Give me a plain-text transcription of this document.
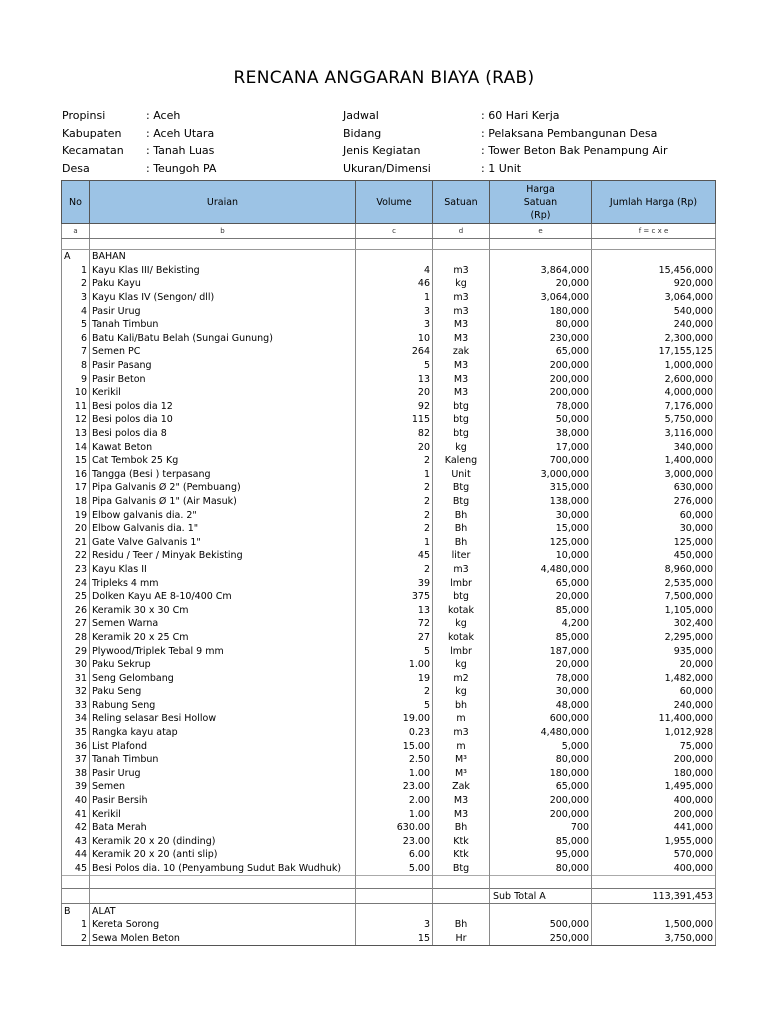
RENCANA ANGGARAN BIAYA (RAB)
Propinsi	: Aceh
Kabupaten : Aceh Utara
Kecamatan : Tanah Luas
Desa	: Teungoh PA
Jadwal	: 60 Hari Kerja
Bidang	: Pelaksana Pembangunan Desa
Jenis Kegiatan	: Tower Beton Bak Penampung Air
Ukuran/Dimensi	: 1 Unit
No	Uraian	Volume	Satuan	Harga
Satuan
(Rp)	Jumlah Harga (Rp)
a	b	c	d	e	f = c x e

A	BAHAN				
1	Kayu Klas III/ Bekisting	4	m3	3,864,000	15,456,000
2	Paku Kayu	46	kg	20,000	920,000
3	Kayu Klas IV (Sengon/ dll)	1	m3	3,064,000	3,064,000
4	Pasir Urug	3	m3	180,000	540,000
5	Tanah Timbun	3	M3	80,000	240,000
6	Batu Kali/Batu Belah (Sungai Gunung)	10	M3	230,000	2,300,000
7	Semen PC	264	zak	65,000	17,155,125
8	Pasir Pasang	5	M3	200,000	1,000,000
9	Pasir Beton	13	M3	200,000	2,600,000
10	Kerikil	20	M3	200,000	4,000,000
11	Besi polos dia 12	92	btg	78,000	7,176,000
12	Besi polos dia 10	115	btg	50,000	5,750,000
13	Besi polos dia 8	82	btg	38,000	3,116,000
14	Kawat Beton	20	kg	17,000	340,000
15	Cat Tembok 25 Kg	2	Kaleng	700,000	1,400,000
16	Tangga (Besi ) terpasang	1	Unit	3,000,000	3,000,000
17	Pipa Galvanis Ø 2" (Pembuang)	2	Btg	315,000	630,000
18	Pipa Galvanis Ø 1" (Air Masuk)	2	Btg	138,000	276,000
19	Elbow galvanis dia. 2"	2	Bh	30,000	60,000
20	Elbow Galvanis dia. 1"	2	Bh	15,000	30,000
21	Gate Valve Galvanis 1"	1	Bh	125,000	125,000
22	Residu / Teer / Minyak Bekisting	45	liter	10,000	450,000
23	Kayu Klas II	2	m3	4,480,000	8,960,000
24	Tripleks 4 mm	39	lmbr	65,000	2,535,000
25	Dolken Kayu AE 8-10/400 Cm	375	btg	20,000	7,500,000
26	Keramik 30 x 30 Cm	13	kotak	85,000	1,105,000
27	Semen Warna	72	kg	4,200	302,400
28	Keramik 20 x 25 Cm	27	kotak	85,000	2,295,000
29	Plywood/Triplek Tebal 9 mm	5	lmbr	187,000	935,000
30	Paku Sekrup	1.00	kg	20,000	20,000
31	Seng Gelombang	19	m2	78,000	1,482,000
32	Paku Seng	2	kg	30,000	60,000
33	Rabung Seng	5	bh	48,000	240,000
34	Reling selasar Besi Hollow	19.00	m	600,000	11,400,000
35	Rangka kayu atap	0.23	m3	4,480,000	1,012,928
36	List Plafond	15.00	m	5,000	75,000
37	Tanah Timbun	2.50	M³	80,000	200,000
38	Pasir Urug	1.00	M³	180,000	180,000
39	Semen	23.00	Zak	65,000	1,495,000
40	Pasir Bersih	2.00	M3	200,000	400,000
41	Kerikil	1.00	M3	200,000	200,000
42	Bata Merah	630.00	Bh	700	441,000
43	Keramik 20 x 20 (dinding)	23.00	Ktk	85,000	1,955,000
44	Keramik 20 x 20 (anti slip)	6.00	Ktk	95,000	570,000
45	Besi Polos dia. 10 (Penyambung Sudut Bak Wudhuk)	5.00	Btg	80,000	400,000

				Sub Total A	113,391,453
B	ALAT				
1	Kereta Sorong	3	Bh	500,000	1,500,000
2	Sewa Molen Beton	15	Hr	250,000	3,750,000
